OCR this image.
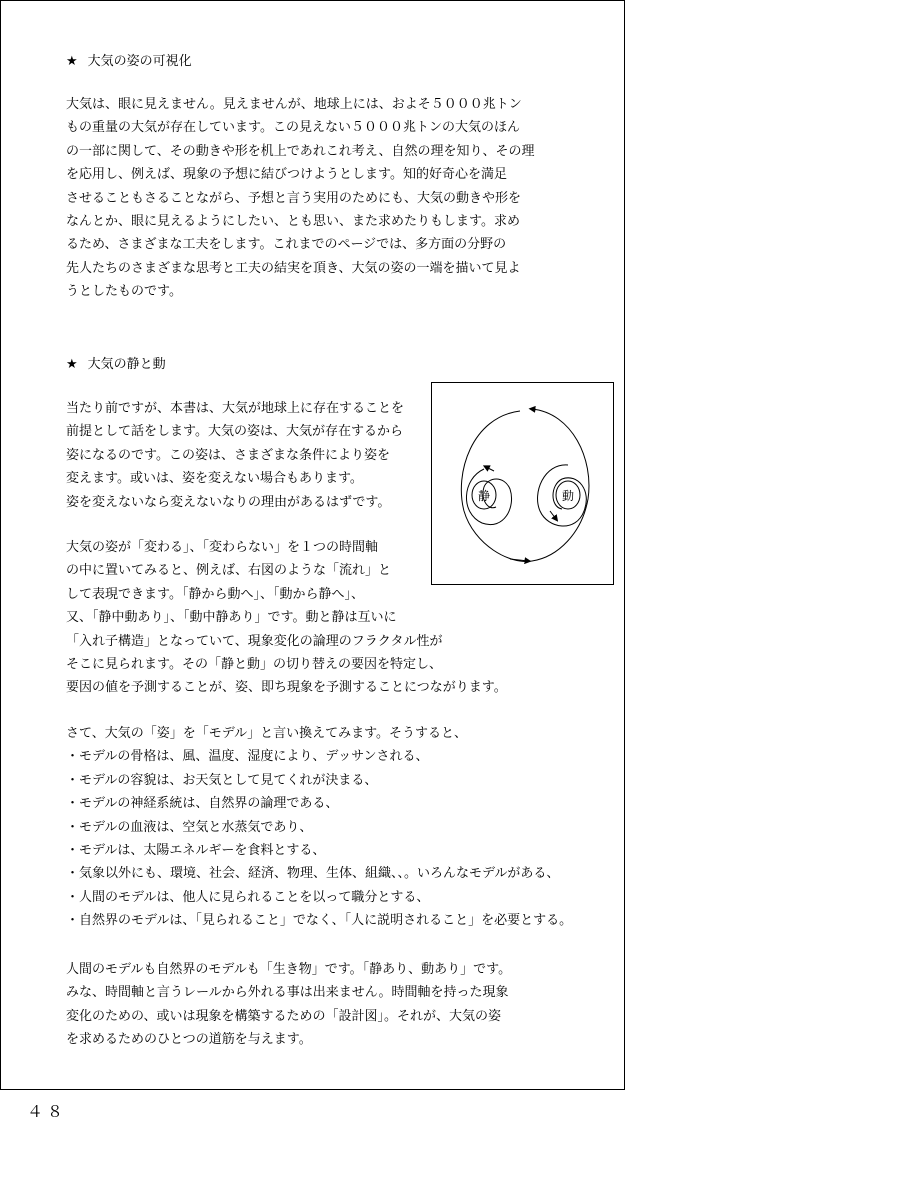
★ 大気の姿の可視化
大気は、眼に見えません。見えませんが、地球上には、およそ５０００兆トン
もの重量の大気が存在しています。この見えない５０００兆トンの大気のほん
の一部に関して、その動きや形を机上であれこれ考え、自然の理を知り、その理
を応用し、例えば、現象の予想に結びつけようとします。知的好奇心を満足
させることもさることながら、予想と言う実用のためにも、大気の動きや形を
なんとか、眼に見えるようにしたい、とも思い、また求めたりもします。求め
るため、さまざまな工夫をします。これまでのページでは、多方面の分野の
先人たちのさまざまな思考と工夫の結実を頂き、大気の姿の一端を描いて見よ
うとしたものです。
★ 大気の静と動
当たり前ですが、本書は、大気が地球上に存在することを
前提として話をします。大気の姿は、大気が存在するから
姿になるのです。この姿は、さまざまな条件により姿を
変えます。或いは、姿を変えない場合もあります。
姿を変えないなら変えないなりの理由があるはずです。
大気の姿が「変わる」、「変わらない」を１つの時間軸
の中に置いてみると、例えば、右図のような「流れ」と
して表現できます。「静から動へ」、「動から静へ」、
又、「静中動あり」、「動中静あり」です。動と静は互いに
「入れ子構造」となっていて、現象変化の論理のフラクタル性が
そこに見られます。その「静と動」の切り替えの要因を特定し、
要因の値を予測することが、姿、即ち現象を予測することにつながります。
さて、大気の「姿」を「モデル」と言い換えてみます。そうすると、
・モデルの骨格は、風、温度、湿度により、デッサンされる、
・モデルの容貌は、お天気として見てくれが決まる、
・モデルの神経系統は、自然界の論理である、
・モデルの血液は、空気と水蒸気であり、
・モデルは、太陽エネルギーを食料とする、
・気象以外にも、環境、社会、経済、物理、生体、組織、、。いろんなモデルがある、
・人間のモデルは、他人に見られることを以って職分とする、
・自然界のモデルは、「見られること」でなく、「人に説明されること」を必要とする。
人間のモデルも自然界のモデルも「生き物」です。「静あり、動あり」です。
みな、時間軸と言うレールから外れる事は出来ません。時間軸を持った現象
変化のための、或いは現象を構築するための「設計図」。それが、大気の姿
を求めるためのひとつの道筋を与えます。
静	動
４８
